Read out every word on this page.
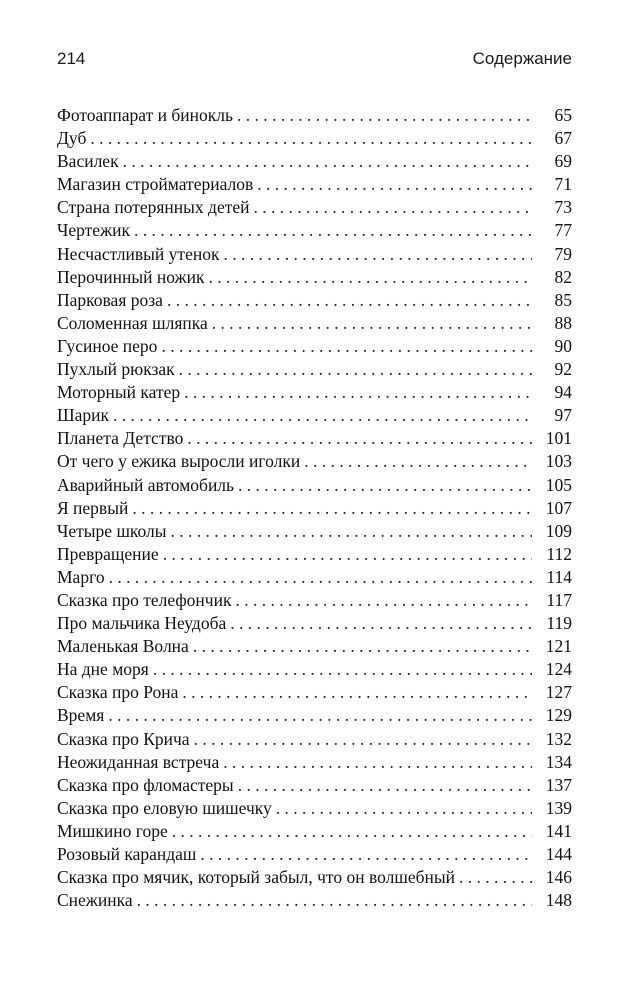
214	Содержание
Фотоаппарат и бинокль . . .	65
Дуб . . .	67
Василек . . .	69
Магазин стройматериалов . . .	71
Страна потерянных детей . . .	73
Чертежик . . .	77
Несчастливый утенок . . .	79
Перочинный ножик . . .	82
Парковая роза . . .	85
Соломенная шляпка . . .	88
Гусиное перо . . .	90
Пухлый рюкзак . . .	92
Моторный катер . . .	94
Шарик . . .	97
Планета Детство . . .	101
От чего у ежика выросли иголки . . .	103
Аварийный автомобиль . . .	105
Я первый . . .	107
Четыре школы . . .	109
Превращение . . .	112
Марго . . .	114
Сказка про телефончик . . .	117
Про мальчика Неудоба . . .	119
Маленькая Волна . . .	121
На дне моря . . .	124
Сказка про Рона . . .	127
Время . . .	129
Сказка про Крича . . .	132
Неожиданная встреча . . .	134
Сказка про фломастеры . . .	137
Сказка про еловую шишечку . . .	139
Мишкино горе . . .	141
Розовый карандаш . . .	144
Сказка про мячик, который забыл, что он волшебный . . .	146
Снежинка . . .	148
